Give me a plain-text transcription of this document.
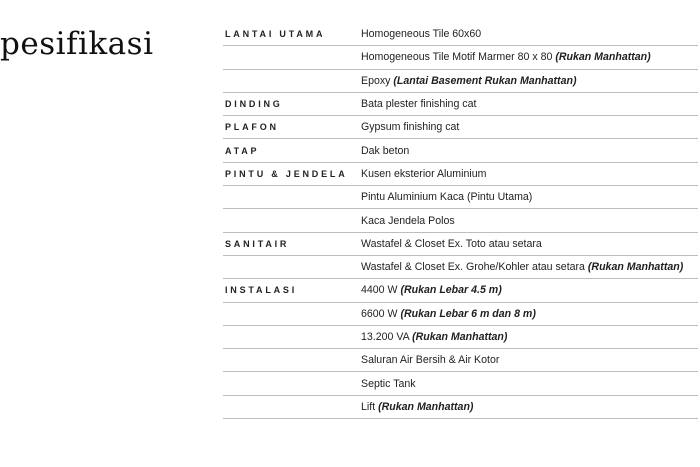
pesifikasi	LANTAI UTAMA	Homogeneous Tile 60x60
	Homogeneous Tile Motif Marmer 80 x 80 (Rukan Manhattan)
	Epoxy (Lantai Basement Rukan Manhattan)
DINDING	Bata plester finishing cat
PLAFON	Gypsum finishing cat
ATAP	Dak beton
PINTU & JENDELA	Kusen eksterior Aluminium
	Pintu Aluminium Kaca (Pintu Utama)
	Kaca Jendela Polos
SANITAIR	Wastafel & Closet Ex. Toto atau setara
	Wastafel & Closet Ex. Grohe/Kohler atau setara (Rukan Manhattan)
INSTALASI	4400 W (Rukan Lebar 4.5 m)
	6600 W (Rukan Lebar 6 m dan 8 m)
	13.200 VA (Rukan Manhattan)
	Saluran Air Bersih & Air Kotor
	Septic Tank
	Lift (Rukan Manhattan)
